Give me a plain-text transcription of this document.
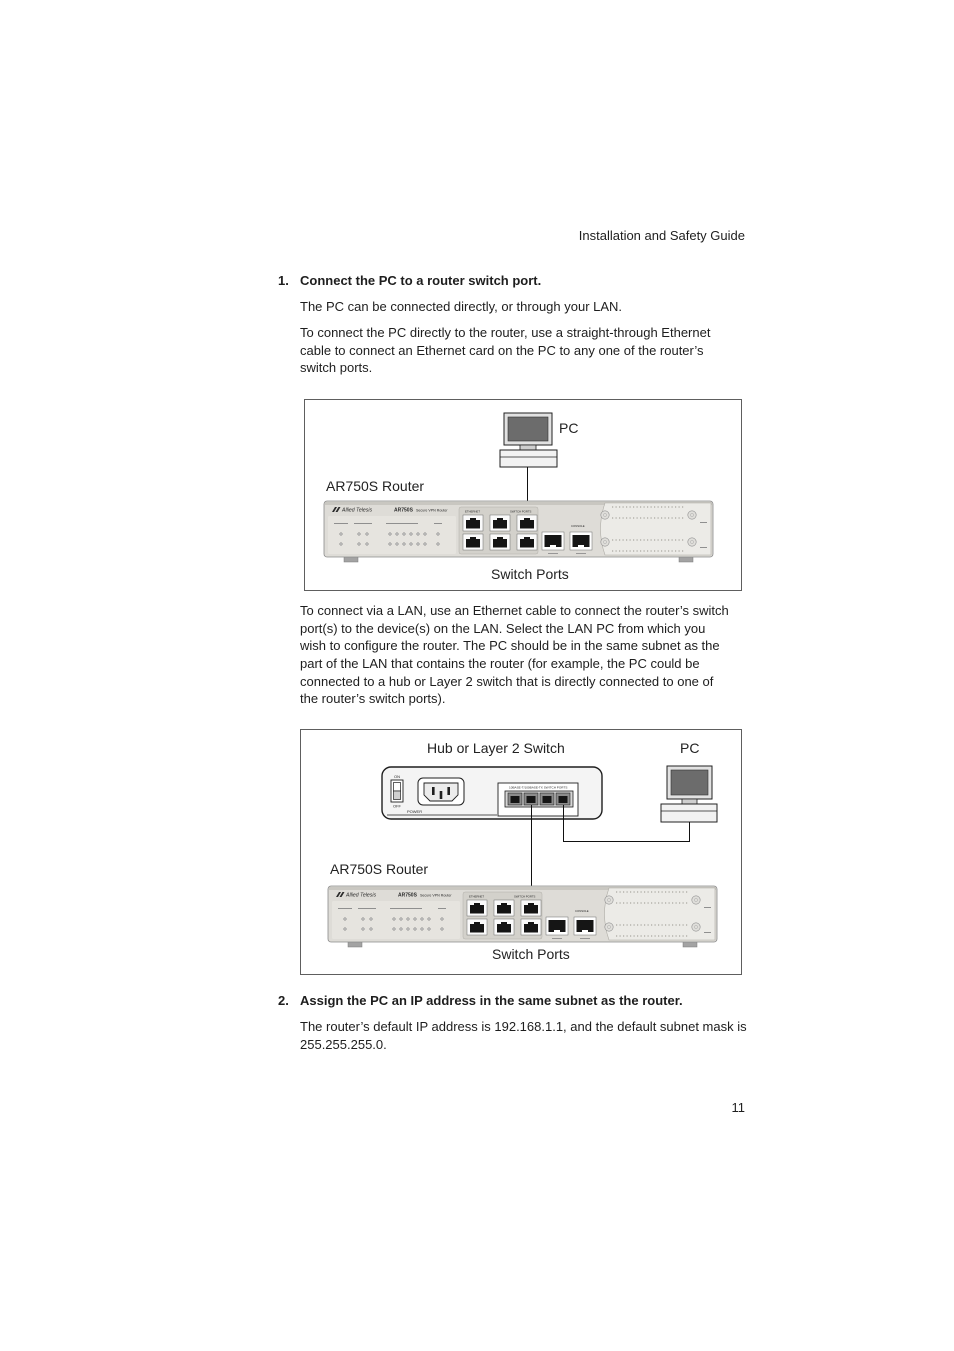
Installation and Safety Guide
1. Connect the PC to a router switch port.
The PC can be connected directly, or through your LAN.
To connect the PC directly to the router, use a straight-through Ethernet
cable to connect an Ethernet card on the PC to any one of the router’s
switch ports.
PC
AR750S Router
Allied Telesis	AR750S Secure VPN Router	ETHERNET	SWITCH PORTS
CONSOLE
Switch Ports
To connect via a LAN, use an Ethernet cable to connect the router’s switch
port(s) to the device(s) on the LAN. Select the LAN PC from which you
wish to configure the router. The PC should be in the same subnet as the
part of the LAN that contains the router (for example, the PC could be
connected to a hub or Layer 2 switch that is directly connected to one of
the router’s switch ports).
Hub or Layer 2 Switch	PC
ON
OFF
POWER
10BASE-T/100BASE-TX SWITCH PORTS
AR750S Router
Allied Telesis	AR750S Secure VPN Router	ETHERNET	SWITCH PORTS
CONSOLE
Switch Ports
2. Assign the PC an IP address in the same subnet as the router.
The router’s default IP address is 192.168.1.1, and the default subnet mask is
255.255.255.0.
11
